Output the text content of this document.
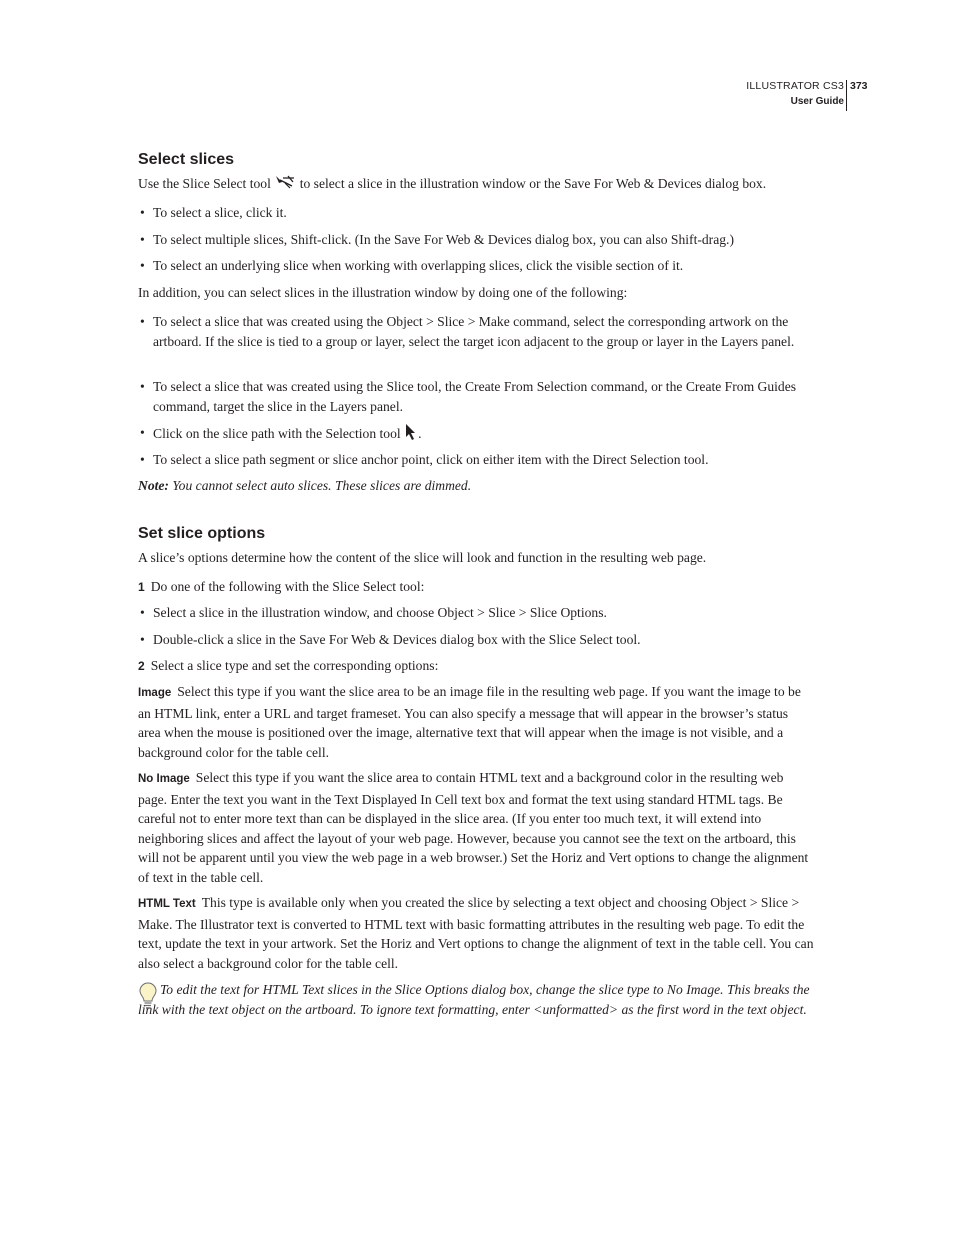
ILLUSTRATOR CS3
User Guide
373
Select slices

Use the Slice Select tool to select a slice in the illustration window or the Save For Web & Devices dialog box.

• To select a slice, click it.
• To select multiple slices, Shift-click. (In the Save For Web & Devices dialog box, you can also Shift-drag.)
• To select an underlying slice when working with overlapping slices, click the visible section of it.

In addition, you can select slices in the illustration window by doing one of the following:

• To select a slice that was created using the Object > Slice > Make command, select the corresponding artwork on the artboard. If the slice is tied to a group or layer, select the target icon adjacent to the group or layer in the Layers panel.
• To select a slice that was created using the Slice tool, the Create From Selection command, or the Create From Guides command, target the slice in the Layers panel.
• Click on the slice path with the Selection tool .
• To select a slice path segment or slice anchor point, click on either item with the Direct Selection tool.

Note: You cannot select auto slices. These slices are dimmed.

Set slice options

A slice’s options determine how the content of the slice will look and function in the resulting web page.

1 Do one of the following with the Slice Select tool:

• Select a slice in the illustration window, and choose Object > Slice > Slice Options.
• Double-click a slice in the Save For Web & Devices dialog box with the Slice Select tool.

2 Select a slice type and set the corresponding options:

Image Select this type if you want the slice area to be an image file in the resulting web page. If you want the image to be an HTML link, enter a URL and target frameset. You can also specify a message that will appear in the browser’s status area when the mouse is positioned over the image, alternative text that will appear when the image is not visible, and a background color for the table cell.

No Image Select this type if you want the slice area to contain HTML text and a background color in the resulting web page. Enter the text you want in the Text Displayed In Cell text box and format the text using standard HTML tags. Be careful not to enter more text than can be displayed in the slice area. (If you enter too much text, it will extend into neighboring slices and affect the layout of your web page. However, because you cannot see the text on the artboard, this will not be apparent until you view the web page in a web browser.) Set the Horiz and Vert options to change the alignment of text in the table cell.

HTML Text This type is available only when you created the slice by selecting a text object and choosing Object > Slice > Make. The Illustrator text is converted to HTML text with basic formatting attributes in the resulting web page. To edit the text, update the text in your artwork. Set the Horiz and Vert options to change the alignment of text in the table cell. You can also select a background color for the table cell.

To edit the text for HTML Text slices in the Slice Options dialog box, change the slice type to No Image. This breaks the link with the text object on the artboard. To ignore text formatting, enter <unformatted> as the first word in the text object.
